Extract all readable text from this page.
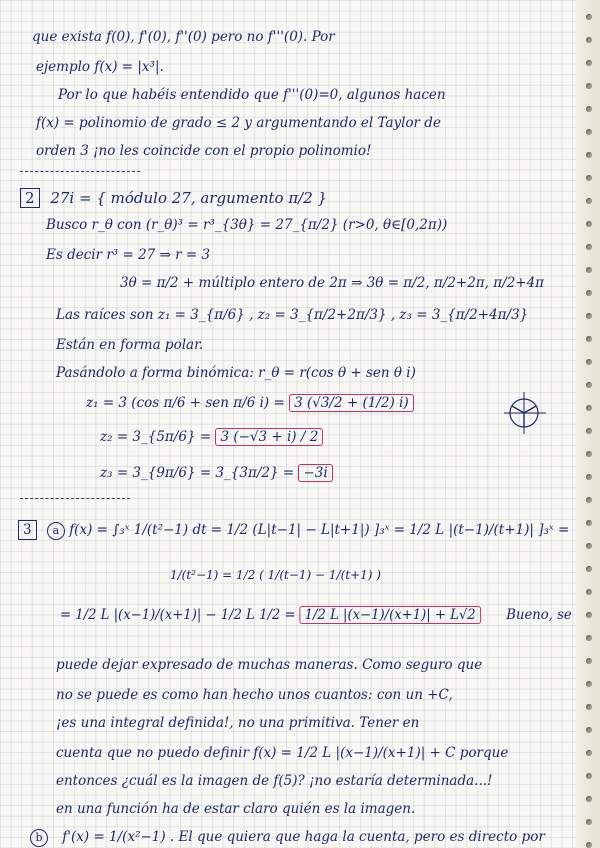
que exista f(0), f'(0), f''(0) pero no f'''(0). Por
ejemplo f(x) = |x³|.
Por lo que habéis entendido que f'''(0)=0, algunos hacen
f(x) = polinomio de grado ≤ 2 y argumentando el Taylor de
orden 3 ¡no les coincide con el propio polinomio!
2 27i = { módulo 27, argumento π/2 }
Busco r_θ con (r_θ)³ = r³_{3θ} = 27_{π/2} (r>0, θ∈[0,2π))
Es decir r³ = 27 ⇒ r = 3
3θ = π/2 + múltiplo entero de 2π ⇒ 3θ = π/2, π/2+2π, π/2+4π
Las raíces son z₁ = 3_{π/6} , z₂ = 3_{π/2+2π/3} , z₃ = 3_{π/2+4π/3}
Están en forma polar.
Pasándolo a forma binómica: r_θ = r(cos θ + sen θ i)
z₁ = 3 (cos π/6 + sen π/6 i) = 3 (√3/2 + (1/2) i)
z₂ = 3_{5π/6} = 3 (−√3 + i) / 2
z₃ = 3_{9π/6} = 3_{3π/2} = −3i
3 a f(x) = ∫₃ˣ 1/(t²−1) dt = 1/2 (L|t−1| − L|t+1|) ]₃ˣ = 1/2 L |(t−1)/(t+1)| ]₃ˣ =
1/(t²−1) = 1/2 ( 1/(t−1) − 1/(t+1) )
= 1/2 L |(x−1)/(x+1)| − 1/2 L 1/2 = 1/2 L |(x−1)/(x+1)| + L√2 Bueno, se
puede dejar expresado de muchas maneras. Como seguro que
no se puede es como han hecho unos cuantos: con un +C,
¡es una integral definida!, no una primitiva. Tener en
cuenta que no puedo definir f(x) = 1/2 L |(x−1)/(x+1)| + C porque
entonces ¿cuál es la imagen de f(5)? ¡no estaría determinada...!
en una función ha de estar claro quién es la imagen.
b f'(x) = 1/(x²−1) . El que quiera que haga la cuenta, pero es directo por
